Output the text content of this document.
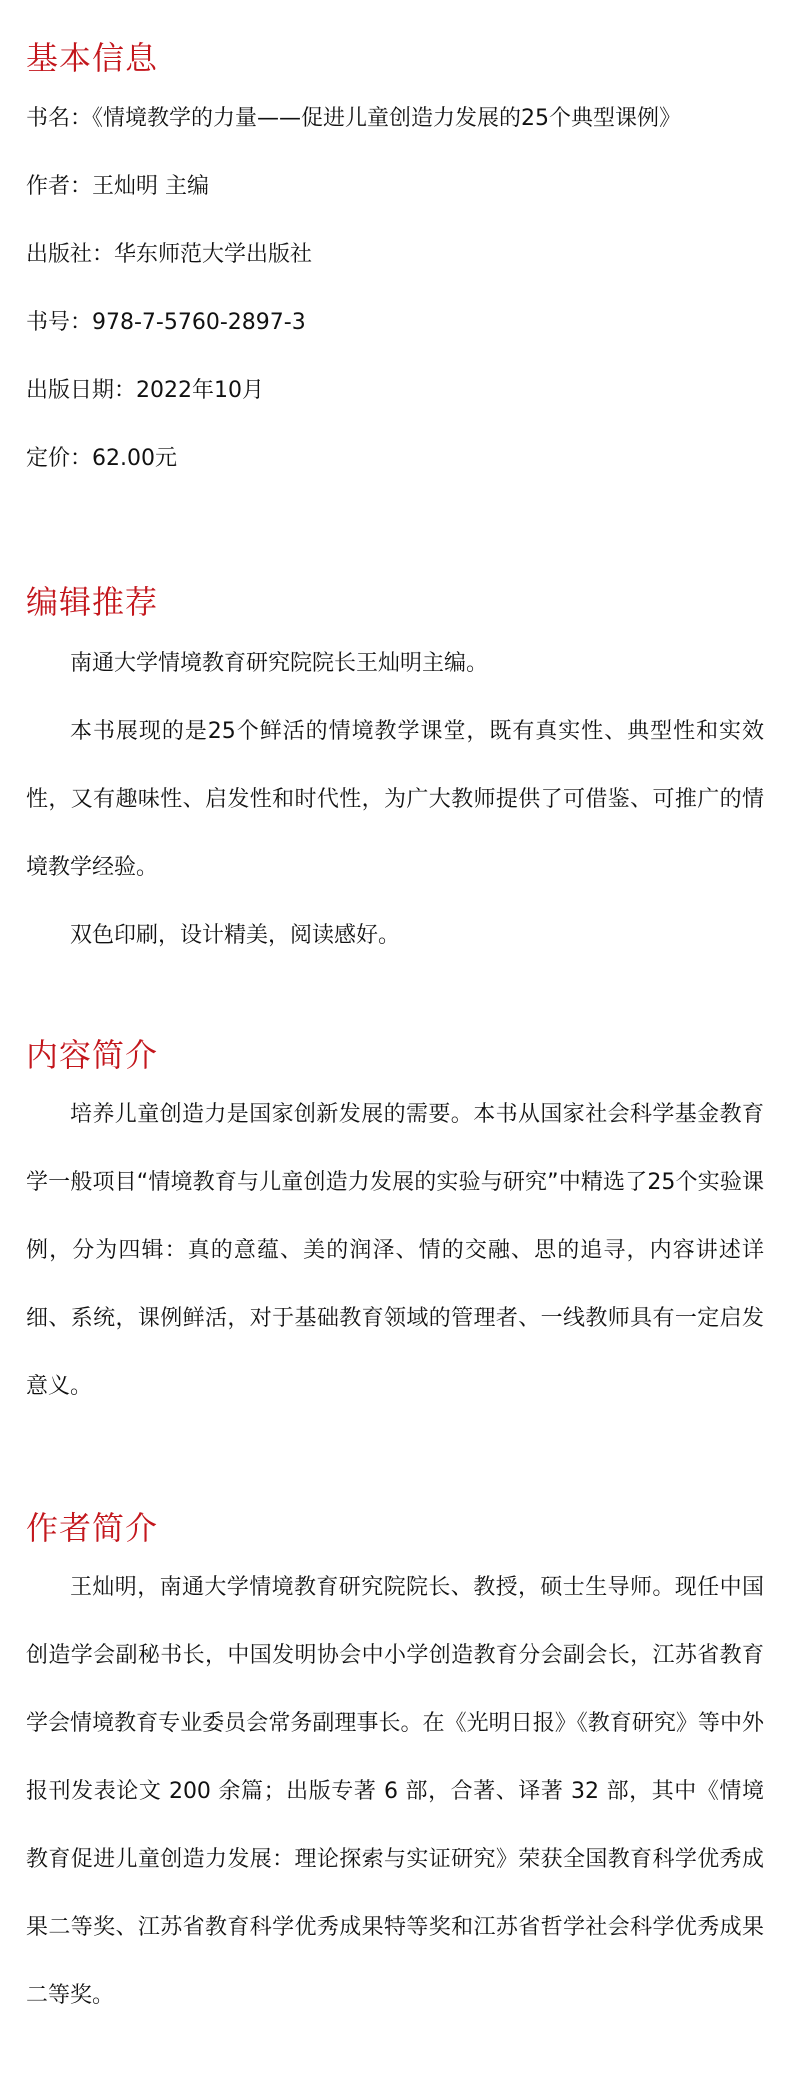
基本信息

书名：《情境教学的力量——促进儿童创造力发展的25个典型课例》

作者：王灿明 主编

出版社：华东师范大学出版社

书号：978-7-5760-2897-3

出版日期：2022年10月

定价：62.00元

编辑推荐

南通大学情境教育研究院院长王灿明主编。

本书展现的是25个鲜活的情境教学课堂，既有真实性、典型性和实效性，又有趣味性、启发性和时代性，为广大教师提供了可借鉴、可推广的情境教学经验。

双色印刷，设计精美，阅读感好。

内容简介

培养儿童创造力是国家创新发展的需要。本书从国家社会科学基金教育学一般项目“情境教育与儿童创造力发展的实验与研究”中精选了25个实验课例，分为四辑：真的意蕴、美的润泽、情的交融、思的追寻，内容讲述详细、系统，课例鲜活，对于基础教育领域的管理者、一线教师具有一定启发意义。

作者简介

王灿明，南通大学情境教育研究院院长、教授，硕士生导师。现任中国创造学会副秘书长，中国发明协会中小学创造教育分会副会长，江苏省教育学会情境教育专业委员会常务副理事长。在《光明日报》《教育研究》等中外报刊发表论文 200 余篇；出版专著 6 部，合著、译著 32 部，其中《情境教育促进儿童创造力发展：理论探索与实证研究》荣获全国教育科学优秀成果二等奖、江苏省教育科学优秀成果特等奖和江苏省哲学社会科学优秀成果二等奖。
